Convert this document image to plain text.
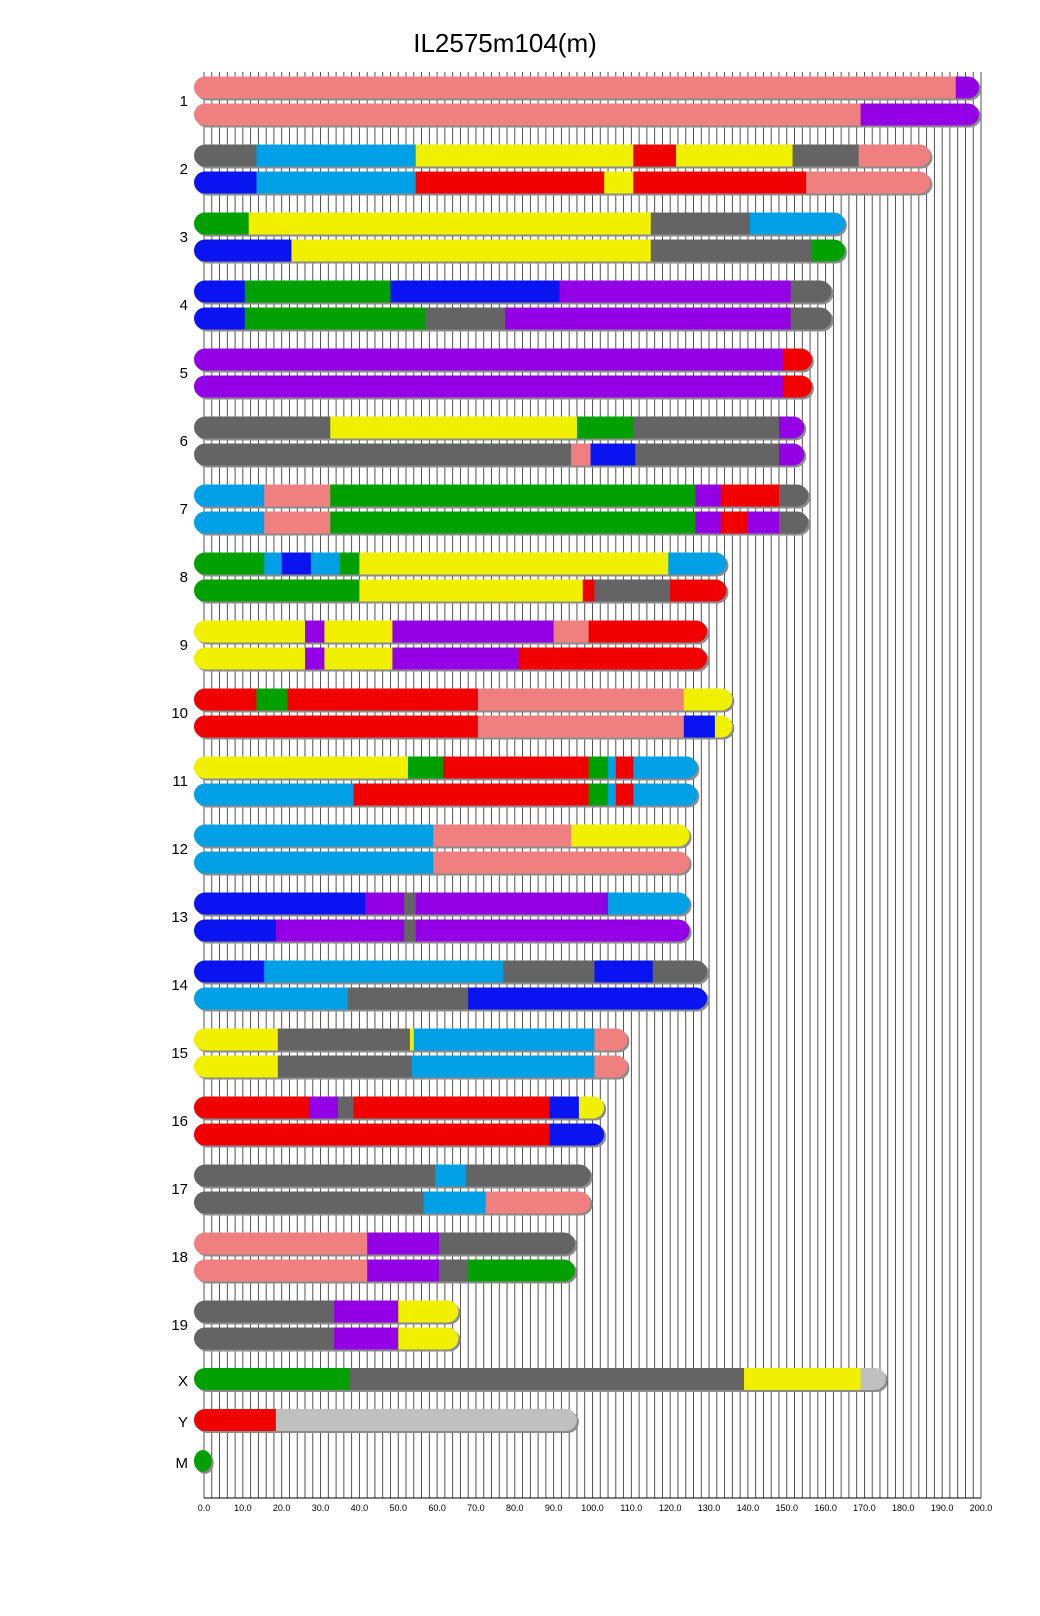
IL2575m104(m)
0.0	10.0 20.0 30.0 40.0 50.0 60.0 70.0 80.0 90.0 100.0 110.0 120.0 130.0 140.0 150.0 160.0 170.0 180.0 190.0 200.0
1
2
3
4
5
6
7
8
9
10
11
12
13
14
15
16
17
18
19
X
Y
M
